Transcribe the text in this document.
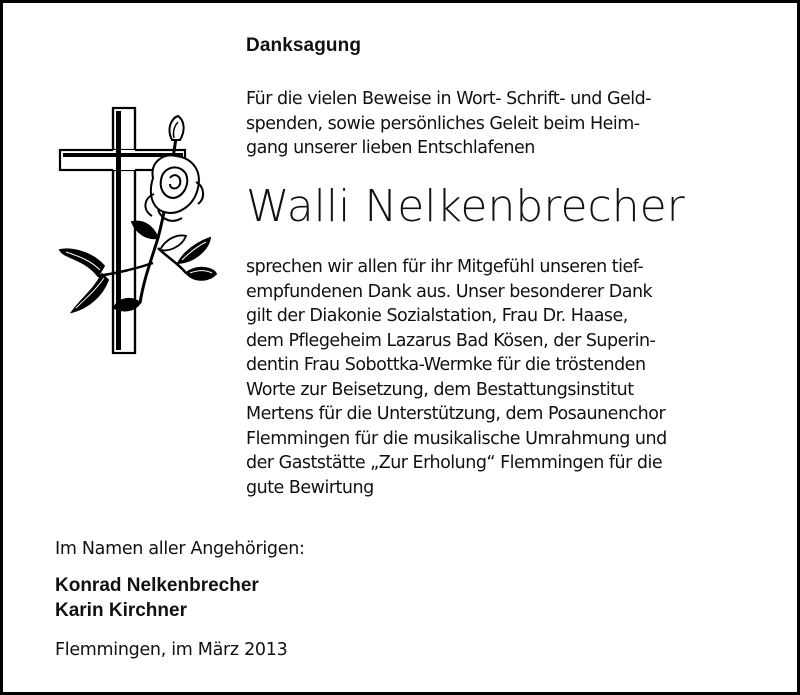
Danksagung
Für die vielen Beweise in Wort- Schrift- und Geld-
spenden, sowie persönliches Geleit beim Heim-
gang unserer lieben Entschlafenen
Walli Nelkenbrecher
sprechen wir allen für ihr Mitgefühl unseren tief-
empfundenen Dank aus. Unser besonderer Dank
gilt der Diakonie Sozialstation, Frau Dr. Haase,
dem Pflegeheim Lazarus Bad Kösen, der Superin-
dentin Frau Sobottka-Wermke für die tröstenden
Worte zur Beisetzung, dem Bestattungsinstitut
Mertens für die Unterstützung, dem Posaunenchor
Flemmingen für die musikalische Umrahmung und
der Gaststätte „Zur Erholung“ Flemmingen für die
gute Bewirtung
Im Namen aller Angehörigen:
Konrad Nelkenbrecher
Karin Kirchner
Flemmingen, im März 2013
